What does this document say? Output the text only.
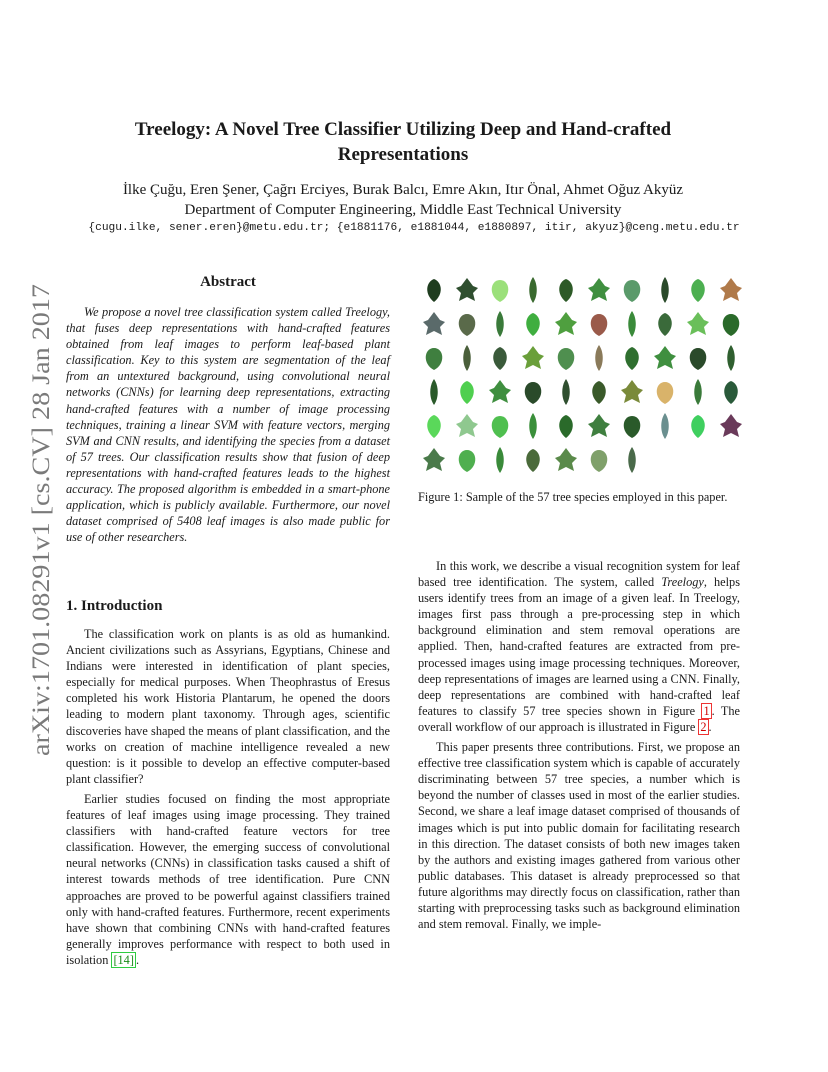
arXiv:1701.08291v1 [cs.CV] 28 Jan 2017
Treelogy: A Novel Tree Classifier Utilizing Deep and Hand-crafted
Representations
İlke Çuğu, Eren Şener, Çağrı Erciyes, Burak Balcı, Emre Akın, Itır Önal, Ahmet Oğuz Akyüz
Department of Computer Engineering, Middle East Technical University
{cugu.ilke, sener.eren}@metu.edu.tr; {e1881176, e1881044, e1880897, itir, akyuz}@ceng.metu.edu.tr
Abstract

We propose a novel tree classification system called Treelogy, that fuses deep representations with hand-crafted features obtained from leaf images to perform leaf-based plant classification. Key to this system are segmentation of the leaf from an untextured background, using convolutional neural networks (CNNs) for learning deep representations, extracting hand-crafted features with a number of image processing techniques, training a linear SVM with feature vectors, merging SVM and CNN results, and identifying the species from a dataset of 57 trees. Our classification results show that fusion of deep representations with hand-crafted features leads to the highest accuracy. The proposed algorithm is embedded in a smart-phone application, which is publicly available. Furthermore, our novel dataset comprised of 5408 leaf images is also made public for use of other researchers.

1. Introduction

The classification work on plants is as old as humankind. Ancient civilizations such as Assyrians, Egyptians, Chinese and Indians were interested in identification of plant species, especially for medical purposes. When Theophrastus of Eresus completed his work Historia Plantarum, he opened the doors leading to modern plant taxonomy. Through ages, scientific discoveries have shaped the means of plant classification, and the works on creation of machine intelligence revealed a new question: is it possible to develop an effective computer-based plant classifier?

Earlier studies focused on finding the most appropriate features of leaf images using image processing. They trained classifiers with hand-crafted feature vectors for tree classification. However, the emerging success of convolutional neural networks (CNNs) in classification tasks caused a shift of interest towards methods of tree identification. Pure CNN approaches are proved to be powerful against classifiers trained only with hand-crafted features. Furthermore, recent experiments have shown that combining CNNs with hand-crafted features generally improves performance with respect to both used in isolation [14] .

Figure 1: Sample of the 57 tree species employed in this paper.

In this work, we describe a visual recognition system for leaf based tree identification. The system, called Treelogy, helps users identify trees from an image of a given leaf. In Treelogy, images first pass through a pre-processing step in which background elimination and stem removal operations are applied. Then, hand-crafted features are extracted from pre-processed images using image processing techniques. Moreover, deep representations of images are learned using a CNN. Finally, deep representations are combined with hand-crafted leaf features to classify 57 tree species shown in Figure 1 . The overall workflow of our approach is illustrated in Figure 2 .

This paper presents three contributions. First, we propose an effective tree classification system which is capable of accurately discriminating between 57 tree species, a number which is beyond the number of classes used in most of the earlier studies. Second, we share a leaf image dataset comprised of thousands of images which is put into public domain for facilitating research in this direction. The dataset consists of both new images taken by the authors and existing images gathered from various other public databases. This dataset is already preprocessed so that future algorithms may directly focus on classification, rather than starting with preprocessing tasks such as background elimination and stem removal. Finally, we imple-
